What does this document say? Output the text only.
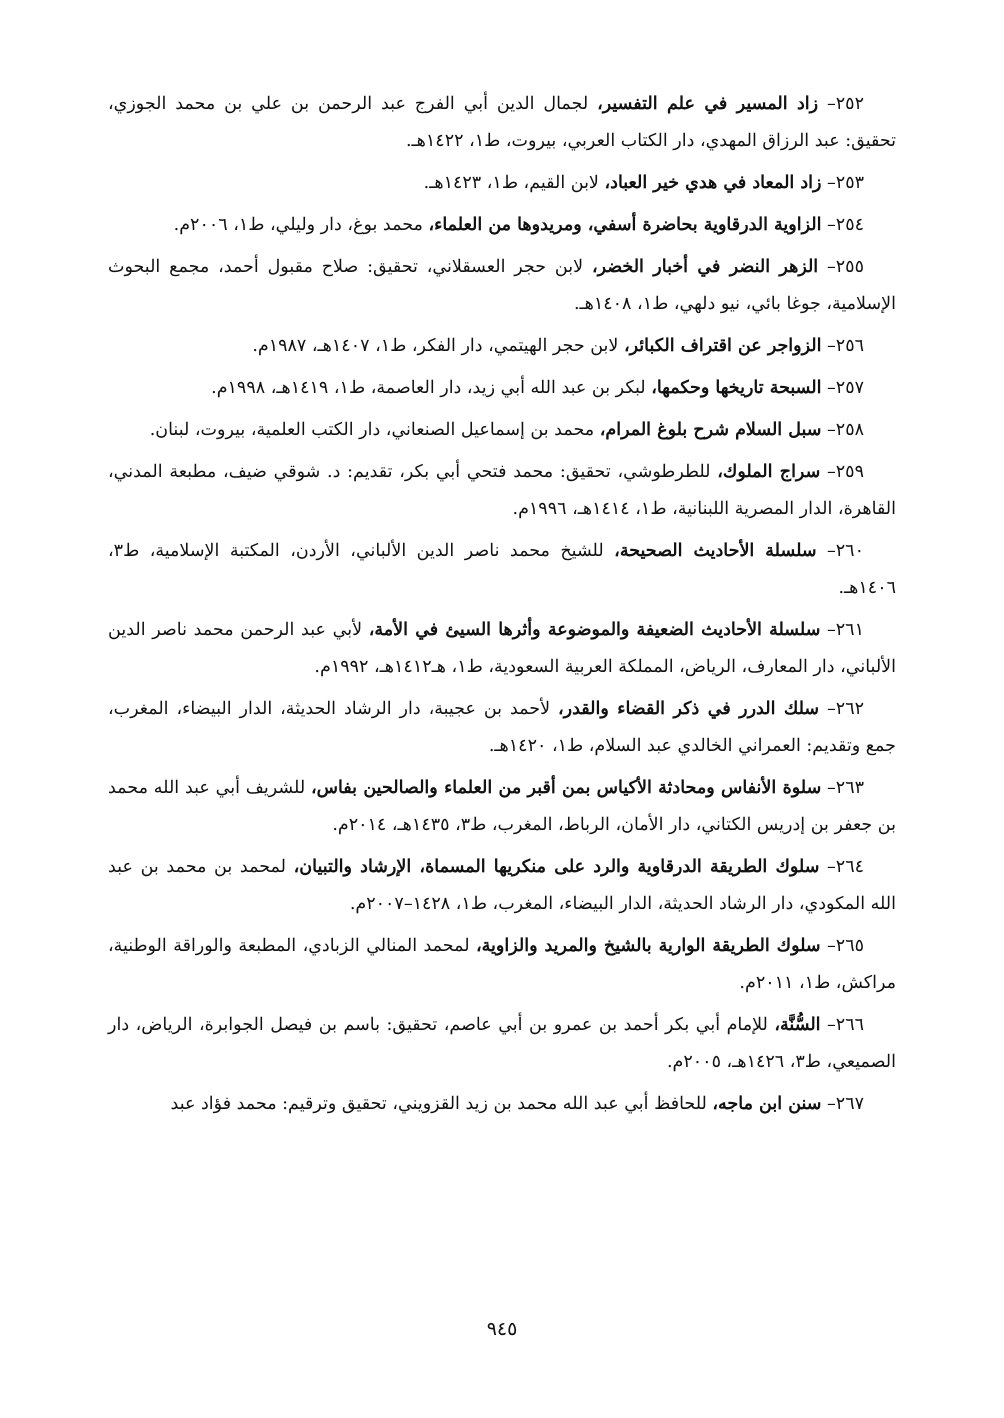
٢٥٢– زاد المسير في علم التفسير، لجمال الدين أبي الفرج عبد الرحمن بن علي بن محمد الجوزي، تحقيق: عبد الرزاق المهدي، دار الكتاب العربي، بيروت، ط١، ١٤٢٢هـ.

٢٥٣– زاد المعاد في هدي خير العباد، لابن القيم، ط١، ١٤٢٣هـ.

٢٥٤– الزاوية الدرقاوية بحاضرة أسفي، ومريدوها من العلماء، محمد بوغ، دار وليلي، ط١، ٢٠٠٦م.

٢٥٥– الزهر النضر في أخبار الخضر، لابن حجر العسقلاني، تحقيق: صلاح مقبول أحمد، مجمع البحوث الإسلامية، جوغا بائي، نيو دلهي، ط١، ١٤٠٨هـ.

٢٥٦– الزواجر عن اقتراف الكبائر، لابن حجر الهيتمي، دار الفكر، ط١، ١٤٠٧هـ، ١٩٨٧م.

٢٥٧– السبحة تاريخها وحكمها، لبكر بن عبد الله أبي زيد، دار العاصمة، ط١، ١٤١٩هـ، ١٩٩٨م.

٢٥٨– سبل السلام شرح بلوغ المرام، محمد بن إسماعيل الصنعاني، دار الكتب العلمية، بيروت، لبنان.

٢٥٩– سراج الملوك، للطرطوشي، تحقيق: محمد فتحي أبي بكر، تقديم: د. شوقي ضيف، مطبعة المدني، القاهرة، الدار المصرية اللبنانية، ط١، ١٤١٤هـ، ١٩٩٦م.

٢٦٠– سلسلة الأحاديث الصحيحة، للشيخ محمد ناصر الدين الألباني، الأردن، المكتبة الإسلامية، ط٣، ١٤٠٦هـ.

٢٦١– سلسلة الأحاديث الضعيفة والموضوعة وأثرها السيئ في الأمة، لأبي عبد الرحمن محمد ناصر الدين الألباني، دار المعارف، الرياض، المملكة العربية السعودية، ط١، هـ١٤١٢هـ، ١٩٩٢م.

٢٦٢– سلك الدرر في ذكر القضاء والقدر، لأحمد بن عجيبة، دار الرشاد الحديثة، الدار البيضاء، المغرب، جمع وتقديم: العمراني الخالدي عبد السلام، ط١، ١٤٢٠هـ.

٢٦٣– سلوة الأنفاس ومحادثة الأكياس بمن أقبر من العلماء والصالحين بفاس، للشريف أبي عبد الله محمد بن جعفر بن إدريس الكتاني، دار الأمان، الرباط، المغرب، ط٣، ١٤٣٥هـ، ٢٠١٤م.

٢٦٤– سلوك الطريقة الدرقاوية والرد على منكريها المسماة، الإرشاد والتبيان، لمحمد بن محمد بن عبد الله المكودي، دار الرشاد الحديثة، الدار البيضاء، المغرب، ط١، ١٤٢٨–٢٠٠٧م.

٢٦٥– سلوك الطريقة الوارية بالشيخ والمريد والزاوية، لمحمد المنالي الزبادي، المطبعة والوراقة الوطنية، مراكش، ط١، ٢٠١١م.

٢٦٦– السُّنَّة، للإمام أبي بكر أحمد بن عمرو بن أبي عاصم، تحقيق: باسم بن فيصل الجوابرة، الرياض، دار الصميعي، ط٣، ١٤٢٦هـ، ٢٠٠٥م.

٢٦٧– سنن ابن ماجه، للحافظ أبي عبد الله محمد بن زيد القزويني، تحقيق وترقيم: محمد فؤاد عبد

٩٤٥
